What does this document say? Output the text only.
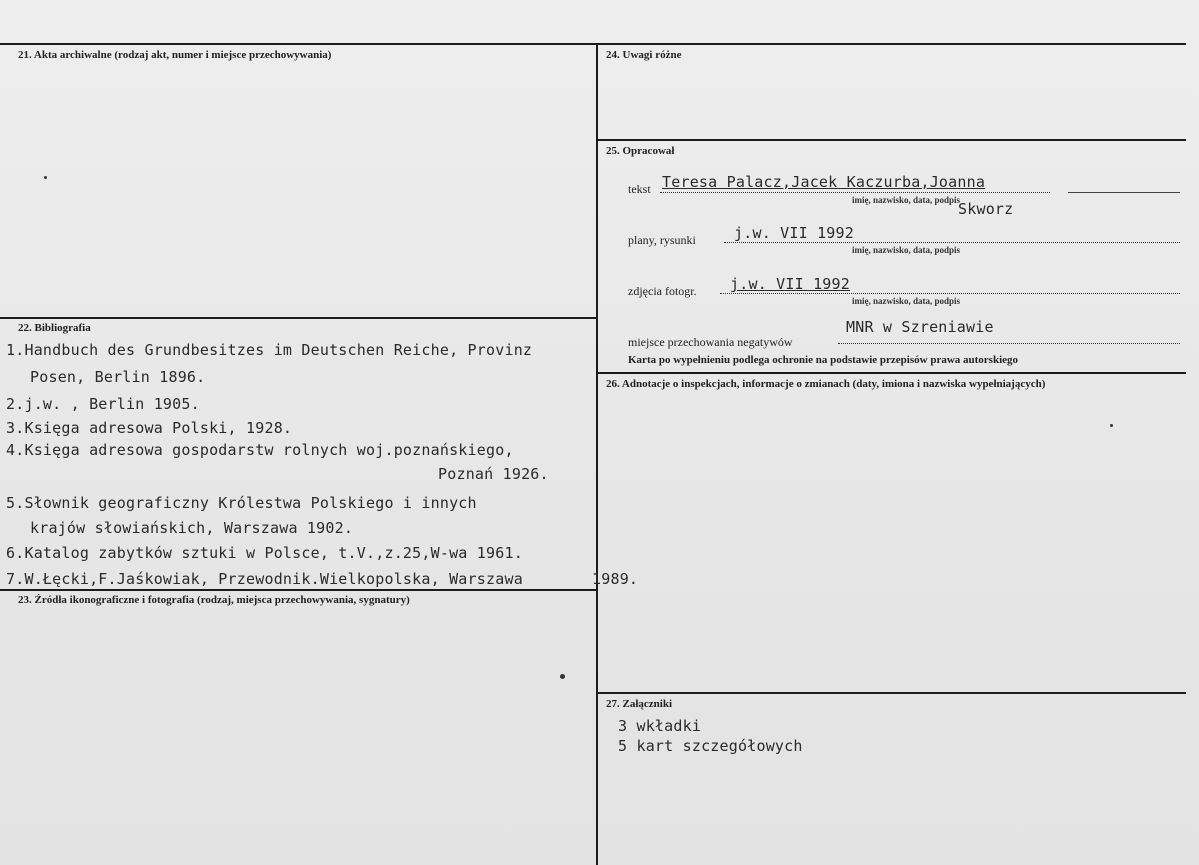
21. Akta archiwalne (rodzaj akt, numer i miejsce przechowywania)
22. Bibliografia
1.Handbuch des Grundbesitzes im Deutschen Reiche, Provinz
Posen, Berlin 1896.
2.j.w. , Berlin 1905.
3.Księga adresowa Polski, 1928.
4.Księga adresowa gospodarstw rolnych woj.poznańskiego,
Poznań 1926.
5.Słownik geograficzny Królestwa Polskiego i innych
krajów słowiańskich, Warszawa 1902.
6.Katalog zabytków sztuki w Polsce, t.V.,z.25,W-wa 1961.
7.W.Łęcki,F.Jaśkowiak, Przewodnik.Wielkopolska, Warszawa	1989.
23. Źródła ikonograficzne i fotografia (rodzaj, miejsca przechowywania, sygnatury)
24. Uwagi różne
25. Opracował
tekst Teresa Palacz,Jacek Kaczurba,Joanna
imię, nazwisko, data, podpis
Skworz
plany, rysunki	j.w. VII 1992
imię, nazwisko, data, podpis
zdjęcia fotogr. j.w. VII 1992
imię, nazwisko, data, podpis
miejsce przechowania negatywów
MNR w Szreniawie
Karta po wypełnieniu podlega ochronie na podstawie przepisów prawa autorskiego
26. Adnotacje o inspekcjach, informacje o zmianach (daty, imiona i nazwiska wypełniających)
27. Załączniki
3 wkładki
5 kart szczegółowych
